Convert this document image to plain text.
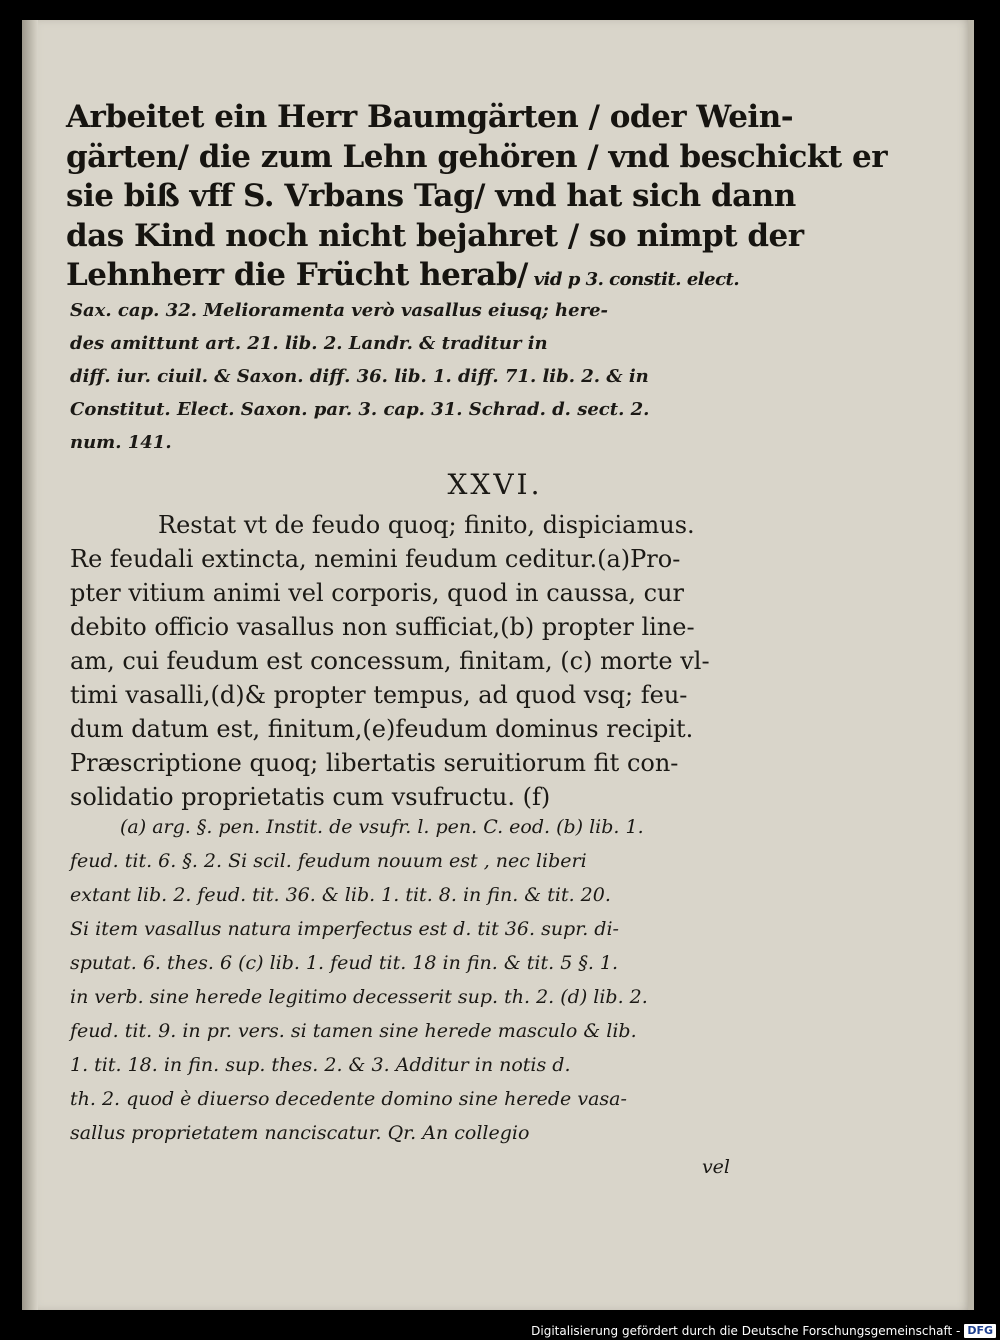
Arbeitet ein Herr Baumgärten / oder Wein-
gärten/ die zum Lehn gehören / vnd beschickt er
sie biß vff S. Vrbans Tag/ vnd hat sich dann
das Kind noch nicht bejahret / so nimpt der
Lehnherr die Frücht herab/ vid p 3. constit. elect.
Sax. cap. 32. Melioramenta verò vasallus eiusq; here-
des amittunt art. 21. lib. 2. Landr. & traditur in
diff. iur. ciuil. & Saxon. diff. 36. lib. 1. diff. 71. lib. 2. & in
Constitut. Elect. Saxon. par. 3. cap. 31. Schrad. d. sect. 2.
num. 141.
XXVI.
Restat vt de feudo quoq; finito, dispiciamus.
Re feudali extincta, nemini feudum ceditur.(a)Pro-
pter vitium animi vel corporis, quod in caussa, cur
debito officio vasallus non sufficiat,(b) propter line-
am, cui feudum est concessum, finitam, (c) morte vl-
timi vasalli,(d)& propter tempus, ad quod vsq; feu-
dum datum est, finitum,(e)feudum dominus recipit.
Præscriptione quoq; libertatis seruitiorum fit con-
solidatio proprietatis cum vsufructu. (f)
(a) arg. §. pen. Instit. de vsufr. l. pen. C. eod. (b) lib. 1.
feud. tit. 6. §. 2. Si scil. feudum nouum est , nec liberi
extant lib. 2. feud. tit. 36. & lib. 1. tit. 8. in fin. & tit. 20.
Si item vasallus natura imperfectus est d. tit 36. supr. di-
sputat. 6. thes. 6 (c) lib. 1. feud tit. 18 in fin. & tit. 5 §. 1.
in verb. sine herede legitimo decesserit sup. th. 2. (d) lib. 2.
feud. tit. 9. in pr. vers. si tamen sine herede masculo & lib.
1. tit. 18. in fin. sup. thes. 2. & 3. Additur in notis d.
th. 2. quod è diuerso decedente domino sine herede vasa-
sallus proprietatem nanciscatur. Qr. An collegio
vel
Digitalisierung gefördert durch die Deutsche Forschungsgemeinschaft - DFG
